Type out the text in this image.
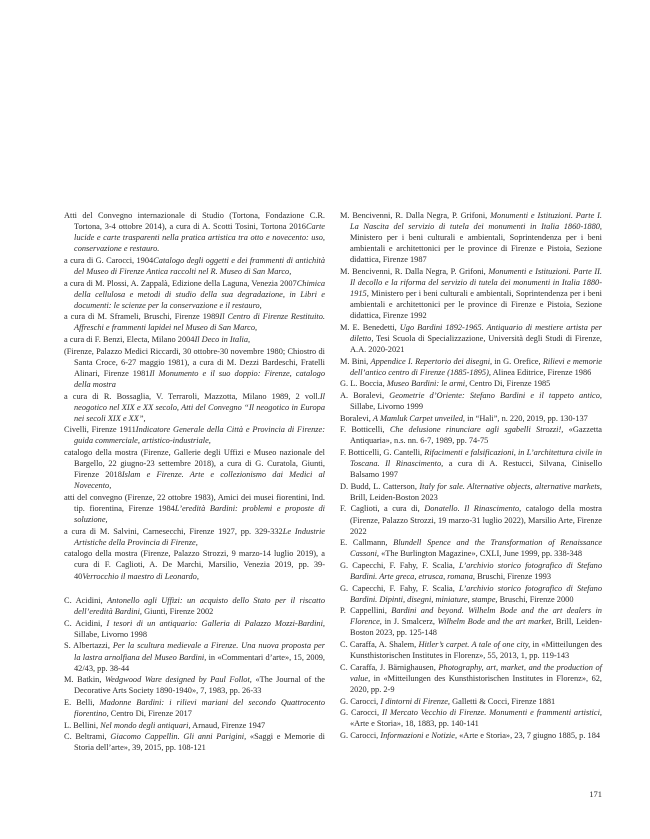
Atti del Convegno internazionale di Studio (Tortona, Fondazione C.R. Tortona, 3-4 ottobre 2014), a cura di A. Scotti Tosini, Tortona 2016Carte lucide e carte trasparenti nella pratica artistica tra otto e novecento: uso, conservazione e restauro.

a cura di G. Carocci, 1904Catalogo degli oggetti e dei frammenti di antichità del Museo di Firenze Antica raccolti nel R. Museo di San Marco,

a cura di M. Plossi, A. Zappalà, Edizione della Laguna, Venezia 2007Chimica della cellulosa e metodi di studio della sua degradazione, in Libri e documenti: le scienze per la conservazione e il restauro,

a cura di M. Sframeli, Bruschi, Firenze 1989Il Centro di Firenze Restituito. Affreschi e frammenti lapidei nel Museo di San Marco,

a cura di F. Benzi, Electa, Milano 2004Il Deco in Italia,

(Firenze, Palazzo Medici Riccardi, 30 ottobre-30 novembre 1980; Chiostro di Santa Croce, 6-27 maggio 1981), a cura di M. Dezzi Bardeschi, Fratelli Alinari, Firenze 1981Il Monumento e il suo doppio: Firenze, catalogo della mostra

a cura di R. Bossaglia, V. Terraroli, Mazzotta, Milano 1989, 2 voll.Il neogotico nel XIX e XX secolo, Atti del Convegno “Il neogotico in Europa nei secoli XIX e XX”,

Civelli, Firenze 1911Indicatore Generale della Città e Provincia di Firenze: guida commerciale, artistico-industriale,

catalogo della mostra (Firenze, Gallerie degli Uffizi e Museo nazionale del Bargello, 22 giugno-23 settembre 2018), a cura di G. Curatola, Giunti, Firenze 2018Islam e Firenze. Arte e collezionismo dai Medici al Novecento,

atti del convegno (Firenze, 22 ottobre 1983), Amici dei musei fiorentini, Ind. tip. fiorentina, Firenze 1984L’eredità Bardini: problemi e proposte di soluzione,

a cura di M. Salvini, Carnesecchi, Firenze 1927, pp. 329-332Le Industrie Artistiche della Provincia di Firenze,

catalogo della mostra (Firenze, Palazzo Strozzi, 9 marzo-14 luglio 2019), a cura di F. Caglioti, A. De Marchi, Marsilio, Venezia 2019, pp. 39-40Verrocchio il maestro di Leonardo,

C. Acidini, Antonello agli Uffizi: un acquisto dello Stato per il riscatto dell’eredità Bardini, Giunti, Firenze 2002

C. Acidini, I tesori di un antiquario: Galleria di Palazzo Mozzi-Bardini, Sillabe, Livorno 1998

S. Albertazzi, Per la scultura medievale a Firenze. Una nuova proposta per la lastra arnolfiana del Museo Bardini, in «Commentari d’arte», 15, 2009, 42/43, pp. 38-44

M. Batkin, Wedgwood Ware designed by Paul Follot, «The Journal of the Decorative Arts Society 1890-1940», 7, 1983, pp. 26-33

E. Belli, Madonne Bardini: i rilievi mariani del secondo Quattrocento fiorentino, Centro Di, Firenze 2017

L. Bellini, Nel mondo degli antiquari, Arnaud, Firenze 1947

C. Beltrami, Giacomo Cappellin. Gli anni Parigini, «Saggi e Memorie di Storia dell’arte», 39, 2015, pp. 108-121

M. Bencivenni, R. Dalla Negra, P. Grifoni, Monumenti e Istituzioni. Parte I. La Nascita del servizio di tutela dei monumenti in Italia 1860-1880, Ministero per i beni culturali e ambientali, Soprintendenza per i beni ambientali e architettonici per le province di Firenze e Pistoia, Sezione didattica, Firenze 1987

M. Bencivenni, R. Dalla Negra, P. Grifoni, Monumenti e Istituzioni. Parte II. Il decollo e la riforma del servizio di tutela dei monumenti in Italia 1880-1915, Ministero per i beni culturali e ambientali, Soprintendenza per i beni ambientali e architettonici per le province di Firenze e Pistoia, Sezione didattica, Firenze 1992

M. E. Benedetti, Ugo Bardini 1892-1965. Antiquario di mestiere artista per diletto, Tesi Scuola di Specializzazione, Università degli Studi di Firenze, A.A. 2020-2021

M. Bini, Appendice I. Repertorio dei disegni, in G. Orefice, Rilievi e memorie dell’antico centro di Firenze (1885-1895), Alinea Editrice, Firenze 1986

G. L. Boccia, Museo Bardini: le armi, Centro Di, Firenze 1985

A. Boralevi, Geometrie d’Oriente: Stefano Bardini e il tappeto antico, Sillabe, Livorno 1999

Boralevi, A Mamluk Carpet unveiled, in “Hali”, n. 220, 2019, pp. 130-137

F. Botticelli, Che delusione rinunciare agli sgabelli Strozzi!, «Gazzetta Antiquaria», n.s. nn. 6-7, 1989, pp. 74-75

F. Botticelli, G. Cantelli, Rifacimenti e falsificazioni, in L’architettura civile in Toscana. Il Rinascimento, a cura di A. Restucci, Silvana, Cinisello Balsamo 1997

D. Budd, L. Catterson, Italy for sale. Alternative objects, alternative markets, Brill, Leiden-Boston 2023

F. Caglioti, a cura di, Donatello. Il Rinascimento, catalogo della mostra (Firenze, Palazzo Strozzi, 19 marzo-31 luglio 2022), Marsilio Arte, Firenze 2022

E. Callmann, Blundell Spence and the Transformation of Renaissance Cassoni, «The Burlington Magazine», CXLI, June 1999, pp. 338-348

G. Capecchi, F. Fahy, F. Scalia, L’archivio storico fotografico di Stefano Bardini. Arte greca, etrusca, romana, Bruschi, Firenze 1993

G. Capecchi, F. Fahy, F. Scalia, L’archivio storico fotografico di Stefano Bardini. Dipinti, disegni, miniature, stampe, Bruschi, Firenze 2000

P. Cappellini, Bardini and beyond. Wilhelm Bode and the art dealers in Florence, in J. Smalcerz, Wilhelm Bode and the art market, Brill, Leiden-Boston 2023, pp. 125-148

C. Caraffa, A. Shalem, Hitler’s carpet. A tale of one city, in «Mitteilungen des Kunsthistorischen Institutes in Florenz», 55, 2013, 1, pp. 119-143

C. Caraffa, J. Bärnighausen, Photography, art, market, and the production of value, in «Mitteilungen des Kunsthistorischen Institutes in Florenz», 62, 2020, pp. 2-9

G. Carocci, I dintorni di Firenze, Galletti & Cocci, Firenze 1881

G. Carocci, Il Mercato Vecchio di Firenze. Monumenti e frammenti artistici, «Arte e Storia», 18, 1883, pp. 140-141

G. Carocci, Informazioni e Notizie, «Arte e Storia», 23, 7 giugno 1885, p. 184

171
